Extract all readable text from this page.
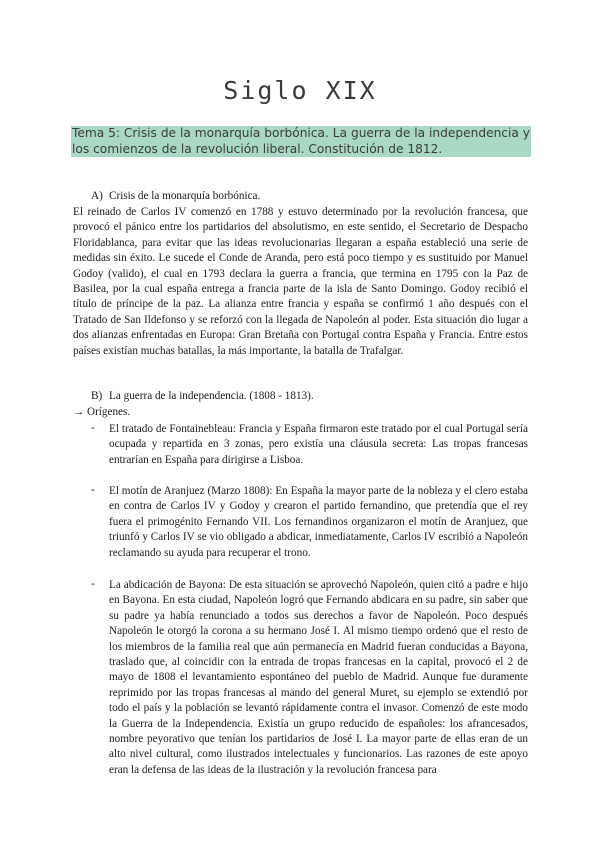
Siglo XIX
Tema 5: Crisis de la monarquía borbónica. La guerra de la independencia y los comienzos de la revolución liberal. Constitución de 1812.
A) Crisis de la monarquía borbónica.
El reinado de Carlos IV comenzó en 1788 y estuvo determinado por la revolución francesa, que provocó el pánico entre los partidarios del absolutismo, en este sentido, el Secretario de Despacho Floridablanca, para evitar que las ideas revolucionarias llegaran a españa estableció una serie de medidas sin éxito. Le sucede el Conde de Aranda, pero está poco tiempo y es sustituido por Manuel Godoy (valido), el cual en 1793 declara la guerra a francia, que termina en 1795 con la Paz de Basilea, por la cual españa entrega a francia parte de la isla de Santo Domingo. Godoy recibió el título de príncipe de la paz. La alianza entre francia y españa se confirmó 1 año después con el Tratado de San Ildefonso y se reforzó con la llegada de Napoleón al poder. Esta situación dio lugar a dos alianzas enfrentadas en Europa: Gran Bretaña con Portugal contra España y Francia. Entre estos países existían muchas batallas, la más importante, la batalla de Trafalgar.
B) La guerra de la independencia. (1808 - 1813).
→ Orígenes.
- El tratado de Fontainebleau: Francia y España firmaron este tratado por el cual Portugal sería ocupada y repartida en 3 zonas, pero existía una cláusula secreta: Las tropas francesas entrarían en España para dirigirse a Lisboa.
- El motín de Aranjuez (Marzo 1808): En España la mayor parte de la nobleza y el clero estaba en contra de Carlos IV y Godoy y crearon el partido fernandino, que pretendía que el rey fuera el primogénito Fernando VII. Los fernandinos organizaron el motín de Aranjuez, que triunfó y Carlos IV se vio obligado a abdicar, inmediatamente, Carlos IV escribió a Napoleón reclamando su ayuda para recuperar el trono.
- La abdicación de Bayona: De esta situación se aprovechó Napoleón, quien citó a padre e hijo en Bayona. En esta ciudad, Napoleón logró que Fernando abdicara en su padre, sin saber que su padre ya había renunciado a todos sus derechos a favor de Napoleón. Poco después Napoleón le otorgó la corona a su hermano José I. Al mismo tiempo ordenó que el resto de los miembros de la familia real que aún permanecía en Madrid fueran conducidas a Bayona, traslado que, al coincidir con la entrada de tropas francesas en la capital, provocó el 2 de mayo de 1808 el levantamiento espontáneo del pueblo de Madrid. Aunque fue duramente reprimido por las tropas francesas al mando del general Muret, su ejemplo se extendió por todo el país y la población se levantó rápidamente contra el invasor. Comenzó de este modo la Guerra de la Independencia. Existía un grupo reducido de españoles: los afrancesados, nombre peyorativo que tenían los partidarios de José I. La mayor parte de ellas eran de un alto nivel cultural, como ilustrados intelectuales y funcionarios. Las razones de este apoyo eran la defensa de las ideas de la ilustración y la revolución francesa para
